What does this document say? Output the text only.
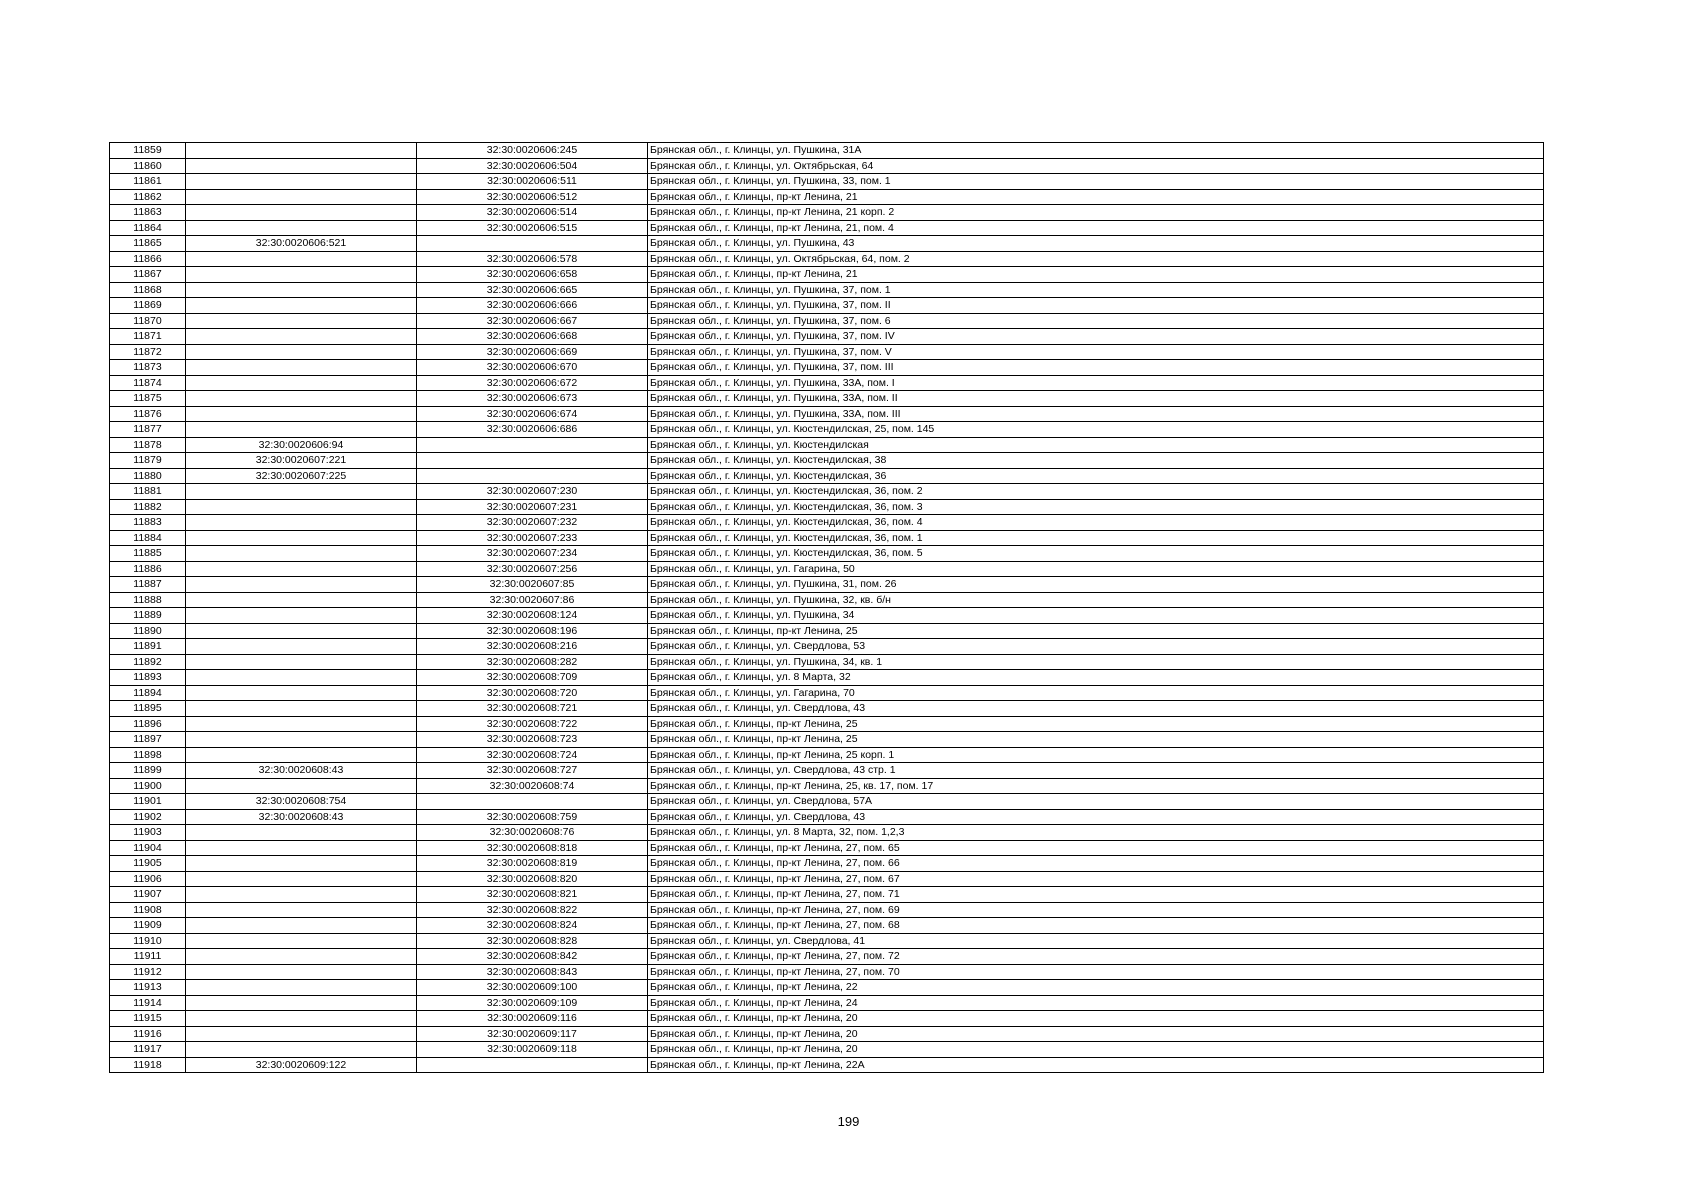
11859		32:30:0020606:245	Брянская обл., г. Клинцы, ул. Пушкина, 31А
11860		32:30:0020606:504	Брянская обл., г. Клинцы, ул. Октябрьская, 64
11861		32:30:0020606:511	Брянская обл., г. Клинцы, ул. Пушкина, 33, пом. 1
11862		32:30:0020606:512	Брянская обл., г. Клинцы, пр-кт Ленина, 21
11863		32:30:0020606:514	Брянская обл., г. Клинцы, пр-кт Ленина, 21 корп. 2
11864		32:30:0020606:515	Брянская обл., г. Клинцы, пр-кт Ленина, 21, пом. 4
11865	32:30:0020606:521		Брянская обл., г. Клинцы, ул. Пушкина, 43
11866		32:30:0020606:578	Брянская обл., г. Клинцы, ул. Октябрьская, 64, пом. 2
11867		32:30:0020606:658	Брянская обл., г. Клинцы, пр-кт Ленина, 21
11868		32:30:0020606:665	Брянская обл., г. Клинцы, ул. Пушкина, 37, пом. 1
11869		32:30:0020606:666	Брянская обл., г. Клинцы, ул. Пушкина, 37, пом. II
11870		32:30:0020606:667	Брянская обл., г. Клинцы, ул. Пушкина, 37, пом. 6
11871		32:30:0020606:668	Брянская обл., г. Клинцы, ул. Пушкина, 37, пом. IV
11872		32:30:0020606:669	Брянская обл., г. Клинцы, ул. Пушкина, 37, пом. V
11873		32:30:0020606:670	Брянская обл., г. Клинцы, ул. Пушкина, 37, пом. III
11874		32:30:0020606:672	Брянская обл., г. Клинцы, ул. Пушкина, 33А, пом. I
11875		32:30:0020606:673	Брянская обл., г. Клинцы, ул. Пушкина, 33А, пом. II
11876		32:30:0020606:674	Брянская обл., г. Клинцы, ул. Пушкина, 33А, пом. III
11877		32:30:0020606:686	Брянская обл., г. Клинцы, ул. Кюстендилская, 25, пом. 145
11878	32:30:0020606:94		Брянская обл., г. Клинцы, ул. Кюстендилская
11879	32:30:0020607:221		Брянская обл., г. Клинцы, ул. Кюстендилская, 38
11880	32:30:0020607:225		Брянская обл., г. Клинцы, ул. Кюстендилская, 36
11881		32:30:0020607:230	Брянская обл., г. Клинцы, ул. Кюстендилская, 36, пом. 2
11882		32:30:0020607:231	Брянская обл., г. Клинцы, ул. Кюстендилская, 36, пом. 3
11883		32:30:0020607:232	Брянская обл., г. Клинцы, ул. Кюстендилская, 36, пом. 4
11884		32:30:0020607:233	Брянская обл., г. Клинцы, ул. Кюстендилская, 36, пом. 1
11885		32:30:0020607:234	Брянская обл., г. Клинцы, ул. Кюстендилская, 36, пом. 5
11886		32:30:0020607:256	Брянская обл., г. Клинцы, ул. Гагарина, 50
11887		32:30:0020607:85	Брянская обл., г. Клинцы, ул. Пушкина, 31, пом. 26
11888		32:30:0020607:86	Брянская обл., г. Клинцы, ул. Пушкина, 32, кв. б/н
11889		32:30:0020608:124	Брянская обл., г. Клинцы, ул. Пушкина, 34
11890		32:30:0020608:196	Брянская обл., г. Клинцы, пр-кт Ленина, 25
11891		32:30:0020608:216	Брянская обл., г. Клинцы, ул. Свердлова, 53
11892		32:30:0020608:282	Брянская обл., г. Клинцы, ул. Пушкина, 34, кв. 1
11893		32:30:0020608:709	Брянская обл., г. Клинцы, ул. 8 Марта, 32
11894		32:30:0020608:720	Брянская обл., г. Клинцы, ул. Гагарина, 70
11895		32:30:0020608:721	Брянская обл., г. Клинцы, ул. Свердлова, 43
11896		32:30:0020608:722	Брянская обл., г. Клинцы, пр-кт Ленина, 25
11897		32:30:0020608:723	Брянская обл., г. Клинцы, пр-кт Ленина, 25
11898		32:30:0020608:724	Брянская обл., г. Клинцы, пр-кт Ленина, 25 корп. 1
11899	32:30:0020608:43	32:30:0020608:727	Брянская обл., г. Клинцы, ул. Свердлова, 43 стр. 1
11900		32:30:0020608:74	Брянская обл., г. Клинцы, пр-кт Ленина, 25, кв. 17, пом. 17
11901	32:30:0020608:754		Брянская обл., г. Клинцы, ул. Свердлова, 57А
11902	32:30:0020608:43	32:30:0020608:759	Брянская обл., г. Клинцы, ул. Свердлова, 43
11903		32:30:0020608:76	Брянская обл., г. Клинцы, ул. 8 Марта, 32, пом. 1,2,3
11904		32:30:0020608:818	Брянская обл., г. Клинцы, пр-кт Ленина, 27, пом. 65
11905		32:30:0020608:819	Брянская обл., г. Клинцы, пр-кт Ленина, 27, пом. 66
11906		32:30:0020608:820	Брянская обл., г. Клинцы, пр-кт Ленина, 27, пом. 67
11907		32:30:0020608:821	Брянская обл., г. Клинцы, пр-кт Ленина, 27, пом. 71
11908		32:30:0020608:822	Брянская обл., г. Клинцы, пр-кт Ленина, 27, пом. 69
11909		32:30:0020608:824	Брянская обл., г. Клинцы, пр-кт Ленина, 27, пом. 68
11910		32:30:0020608:828	Брянская обл., г. Клинцы, ул. Свердлова, 41
11911		32:30:0020608:842	Брянская обл., г. Клинцы, пр-кт Ленина, 27, пом. 72
11912		32:30:0020608:843	Брянская обл., г. Клинцы, пр-кт Ленина, 27, пом. 70
11913		32:30:0020609:100	Брянская обл., г. Клинцы, пр-кт Ленина, 22
11914		32:30:0020609:109	Брянская обл., г. Клинцы, пр-кт Ленина, 24
11915		32:30:0020609:116	Брянская обл., г. Клинцы, пр-кт Ленина, 20
11916		32:30:0020609:117	Брянская обл., г. Клинцы, пр-кт Ленина, 20
11917		32:30:0020609:118	Брянская обл., г. Клинцы, пр-кт Ленина, 20
11918	32:30:0020609:122		Брянская обл., г. Клинцы, пр-кт Ленина, 22А
199
